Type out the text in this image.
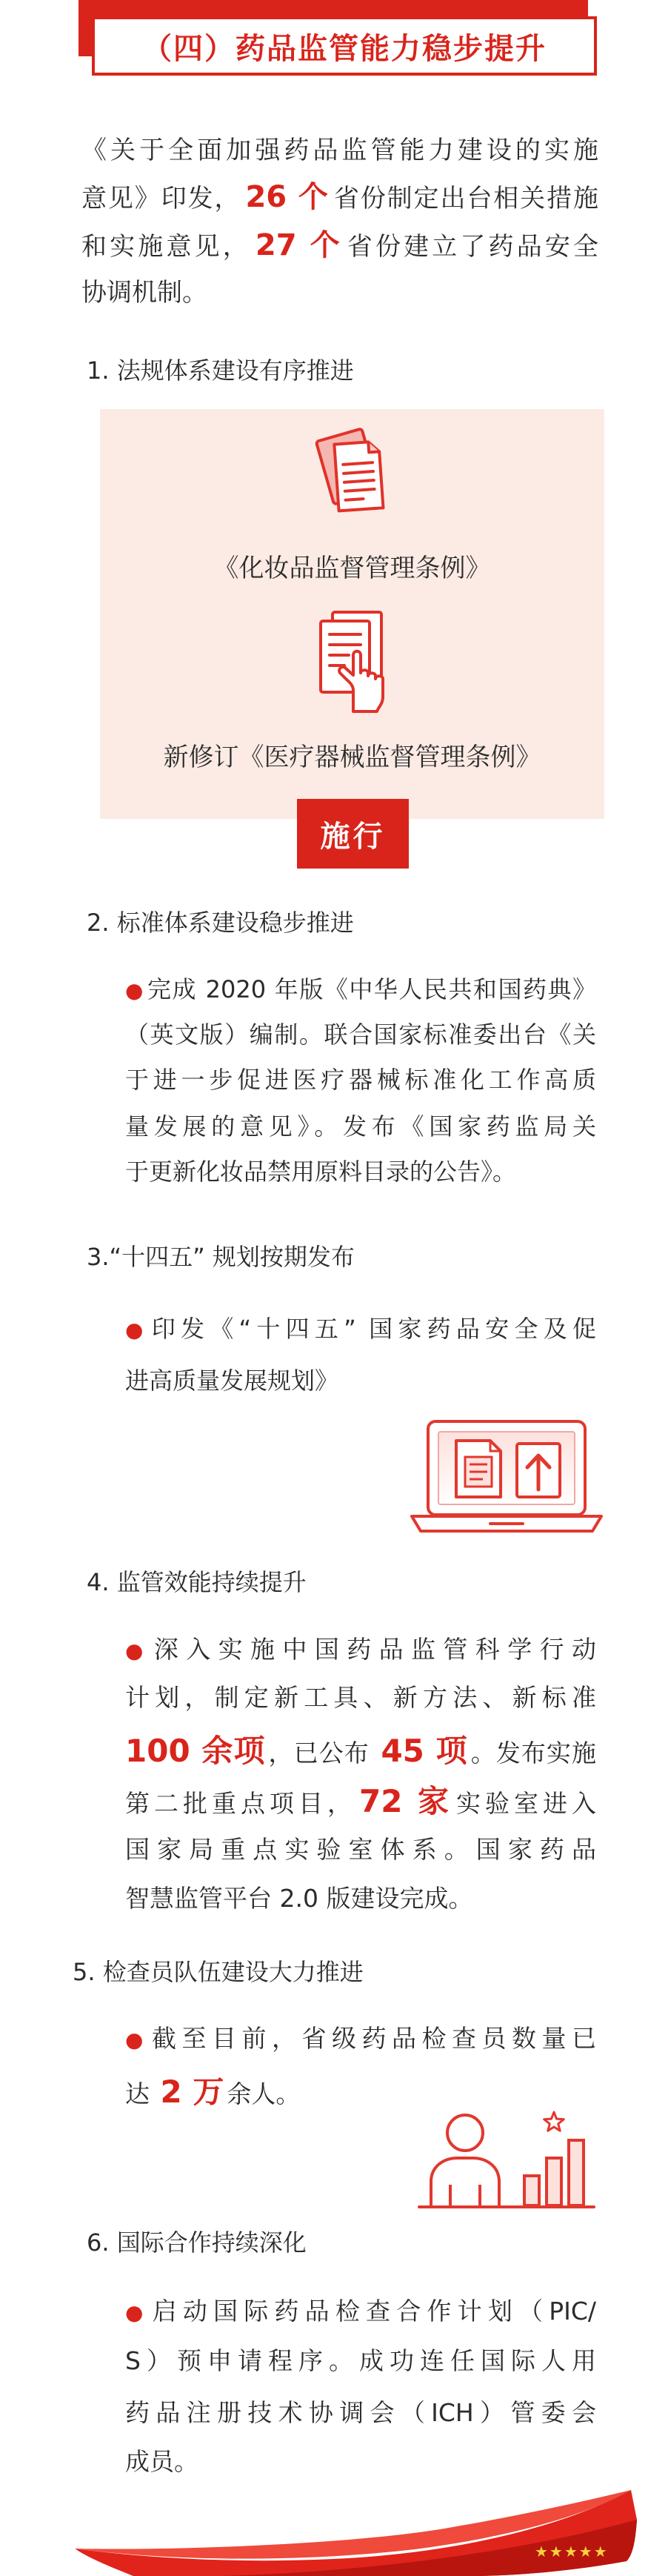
（四）药品监管能力稳步提升
《关于全面加强药品监管能力建设的实施
意见》印发， 26 个 省份制定出台相关措施
和实施意见， 27 个 省份建立了药品安全
协调机制。
1. 法规体系建设有序推进
《化妆品监督管理条例》
新修订《医疗器械监督管理条例》
施行
2. 标准体系建设稳步推进
● 完成 2020 年版《中华人民共和国药典》
（英文版）编制。联合国家标准委出台《关
于进一步促进医疗器械标准化工作高质
量发展的意见》。发布《国家药监局关
于更新化妆品禁用原料目录的公告》。
3.“十四五” 规划按期发布
● 印发《“十四五” 国家药品安全及促
进高质量发展规划》
4. 监管效能持续提升
● 深入实施中国药品监管科学行动
计划，制定新工具、新方法、新标准
100 余项 ，已公布 45 项 。发布实施
第二批重点项目，72 家 实验室进入
国家局重点实验室体系。国家药品
智慧监管平台 2.0 版建设完成。
5. 检查员队伍建设大力推进
● 截至目前，省级药品检查员数量已
达 2 万 余人。
6. 国际合作持续深化
● 启动国际药品检查合作计划（PIC/
S）预申请程序。成功连任国际人用
药品注册技术协调会（ICH）管委会
成员。
★★★★★
